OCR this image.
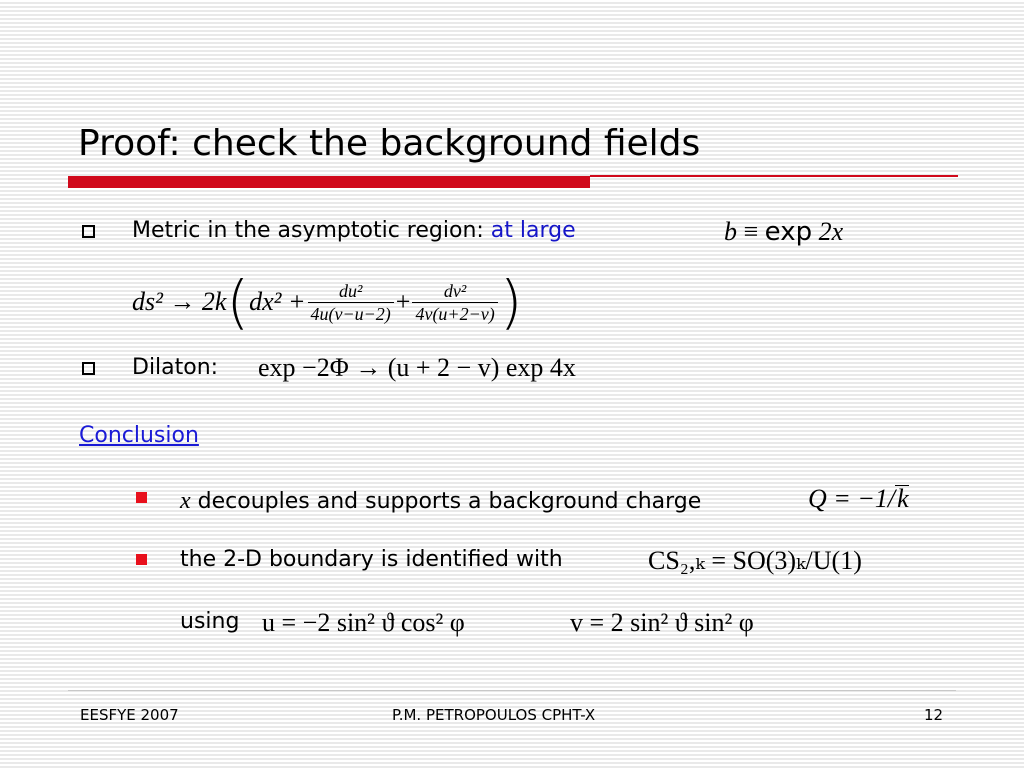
Proof: check the background fields
Metric in the asymptotic region: at large	b ≡ exp 2x
ds²
→
2k ( $dx^2 + \frac{\text{du²}}{4u(v-u-2)} + \frac{\text{dv²}}{4v(u+2-v)}$ )
Dilaton: exp −2Φ → (u + 2 − v) exp 4x
Conclusion
x decouples and supports a background charge	Q = −1/k
the 2-D boundary is identified with	CS₂,ₖ = SO(3)ₖ/U(1)
using u = −2 sin² ϑ cos² φ	v = 2 sin² ϑ sin² φ
EESFYE 2007	P.M. PETROPOULOS CPHT-X	12
